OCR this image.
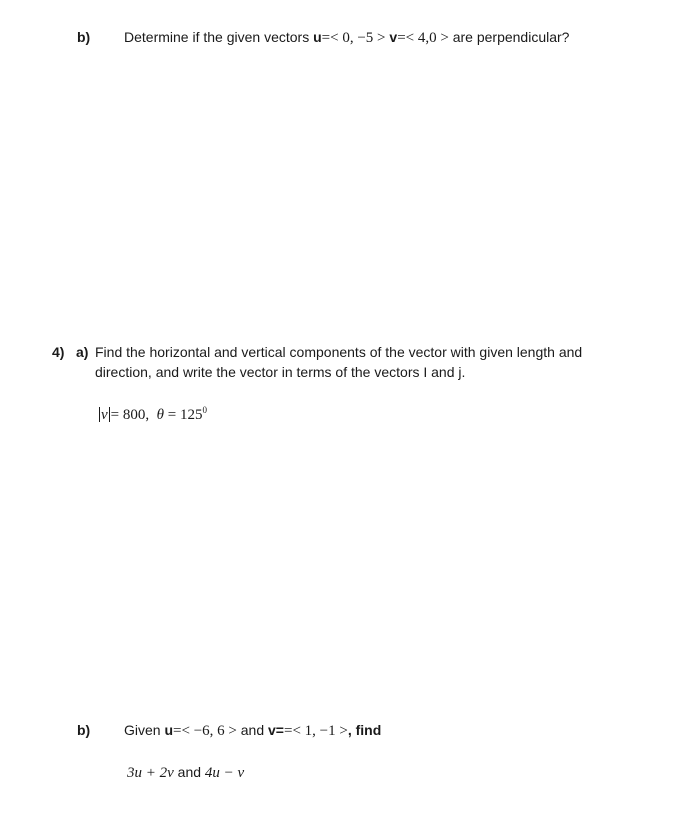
b) Determine if the given vectors u=< 0, −5 > v=< 4,0 > are perpendicular?
4) a) Find the horizontal and vertical components of the vector with given length and
direction, and write the vector in terms of the vectors I and j.
v = 800, $\theta = 125^0$
b) Given u=< −6, 6 > and v==< 1, −1 >, find
3u + 2v and 4u − v
